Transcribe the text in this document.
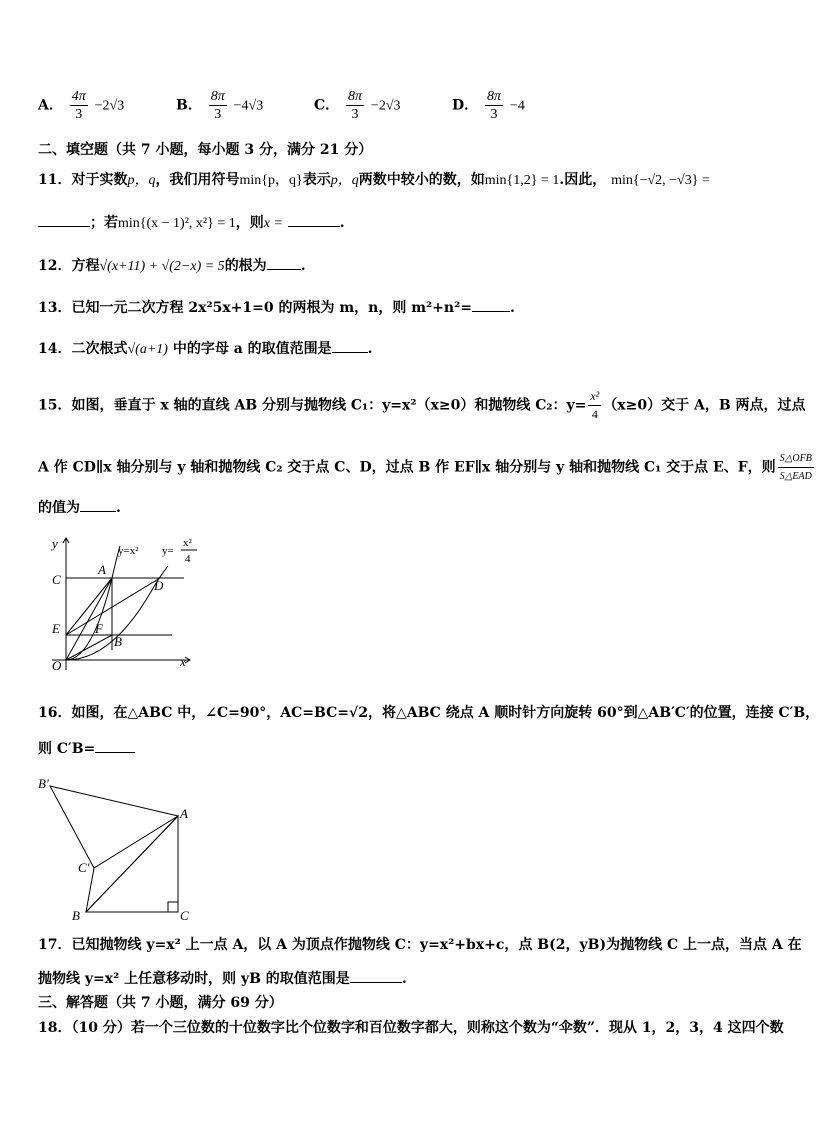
A． $\frac{4\pi}{3} -2√3$	B． $\frac{8\pi}{3} -4√3$	C． $\frac{8\pi}{3} -2√3$	D． $\frac{8\pi}{3} -4$
二、填空题（共 7 小题，每小题 3 分，满分 21 分）
11．对于实数p，q，我们用符号min{p，q}表示p，q两数中较小的数，如min{1,2} = 1.因此， min{−√2, −√3} =
；若min{(x − 1)², x²} = 1，则x =	.
12．方程√(x+11) + √(2−x) = 5的根为 .
13．已知一元二次方程 2x²5x+1=0 的两根为 m，n，则 m²+n²=	.
14．二次根式√(a+1) 中的字母 a 的取值范围是	.
15．如图，垂直于 x 轴的直线 AB 分别与抛物线 C₁：y=x²（x≥0）和抛物线 C₂：$y= \frac{\text{x²}}{4} (x\ge 0)$交于 A，B 两点，过点
A 作 CD∥x 轴分别与 y 轴和抛物线 C₂ 交于点 C、D，过点 B 作 EF∥x 轴分别与 y 轴和抛物线 C₁ 交于点 E、F，则 $\frac{\text{S△OFB}}{\text{S△EAD}}$
的值为	.
y
x
O
A
B
C	D
E	F
y=x² y=
x²
4
16．如图，在△ABC 中，∠C=90°，AC=BC=√2，将△ABC 绕点 A 顺时针方向旋转 60°到△AB′C′的位置，连接 C′B，
则 C′B=
B′
A
C′
B	C
17．已知抛物线 y=x² 上一点 A，以 A 为顶点作抛物线 C：y=x²+bx+c，点 B(2，yB)为抛物线 C 上一点，当点 A 在
抛物线 y=x² 上任意移动时，则 yB 的取值范围是	.
三、解答题（共 7 小题，满分 69 分）
18．（10 分）若一个三位数的十位数字比个位数字和百位数字都大，则称这个数为“伞数”．现从 1，2，3，4 这四个数
